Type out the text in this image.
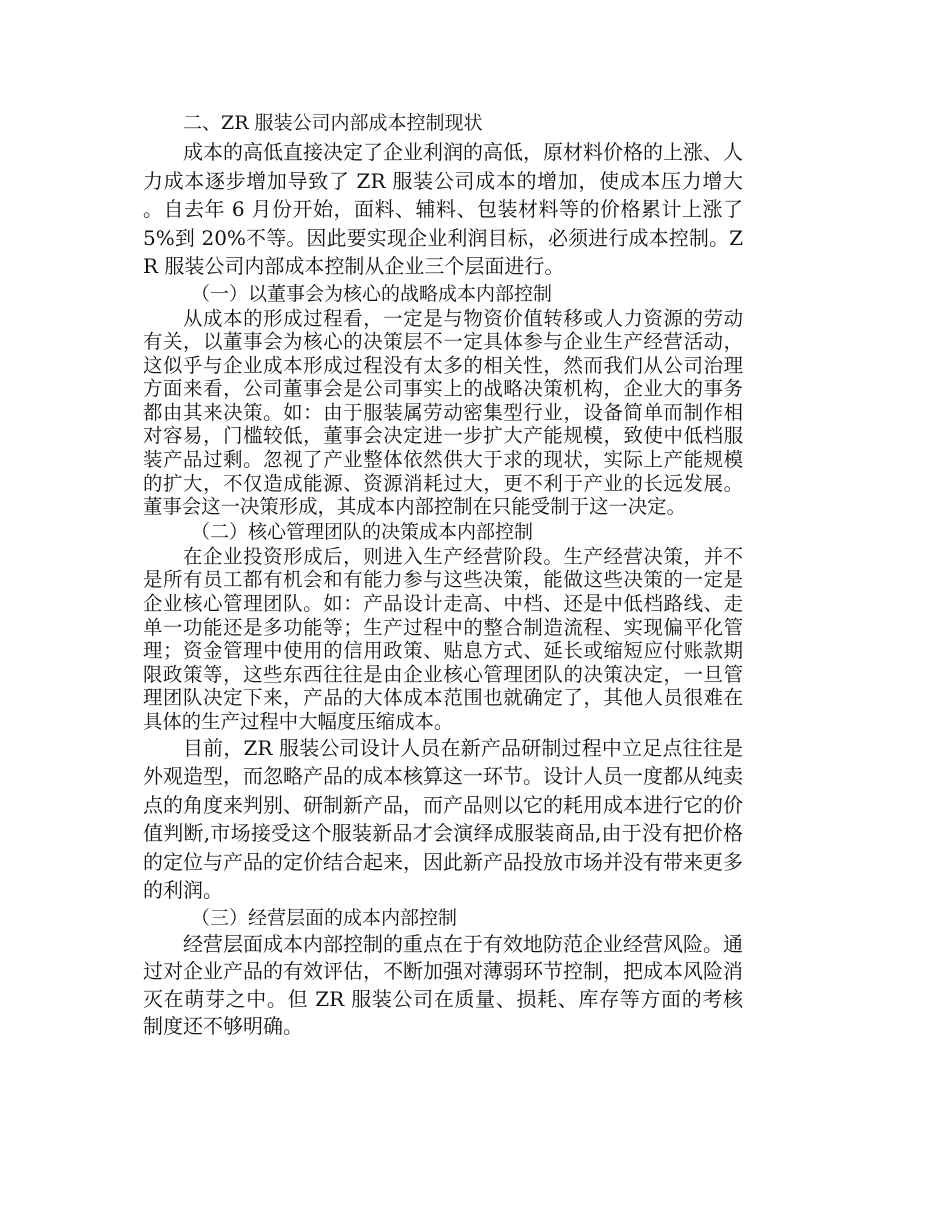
二、ZR 服装公司内部成本控制现状

成本的高低直接决定了企业利润的高低，原材料价格的上涨、人力成本逐步增加导致了 ZR 服装公司成本的增加，使成本压力增大。自去年 6 月份开始，面料、辅料、包装材料等的价格累计上涨了 5%到 20%不等。因此要实现企业利润目标，必须进行成本控制。ZR 服装公司内部成本控制从企业三个层面进行。

（一）以董事会为核心的战略成本内部控制

从成本的形成过程看，一定是与物资价值转移或人力资源的劳动有关，以董事会为核心的决策层不一定具体参与企业生产经营活动，这似乎与企业成本形成过程没有太多的相关性，然而我们从公司治理方面来看，公司董事会是公司事实上的战略决策机构，企业大的事务都由其来决策。如：由于服装属劳动密集型行业，设备简单而制作相对容易，门槛较低，董事会决定进一步扩大产能规模，致使中低档服装产品过剩。忽视了产业整体依然供大于求的现状，实际上产能规模的扩大，不仅造成能源、资源消耗过大，更不利于产业的长远发展。董事会这一决策形成，其成本内部控制在只能受制于这一决定。

（二）核心管理团队的决策成本内部控制

在企业投资形成后，则进入生产经营阶段。生产经营决策，并不是所有员工都有机会和有能力参与这些决策，能做这些决策的一定是企业核心管理团队。如：产品设计走高、中档、还是中低档路线、走单一功能还是多功能等；生产过程中的整合制造流程、实现偏平化管理；资金管理中使用的信用政策、贴息方式、延长或缩短应付账款期限政策等，这些东西往往是由企业核心管理团队的决策决定，一旦管理团队决定下来，产品的大体成本范围也就确定了，其他人员很难在具体的生产过程中大幅度压缩成本。

目前，ZR 服装公司设计人员在新产品研制过程中立足点往往是外观造型，而忽略产品的成本核算这一环节。设计人员一度都从纯卖点的角度来判别、研制新产品，而产品则以它的耗用成本进行它的价值判断,市场接受这个服装新品才会演绎成服装商品,由于没有把价格的定位与产品的定价结合起来，因此新产品投放市场并没有带来更多的利润。

（三）经营层面的成本内部控制

经营层面成本内部控制的重点在于有效地防范企业经营风险。通过对企业产品的有效评估，不断加强对薄弱环节控制，把成本风险消灭在萌芽之中。但 ZR 服装公司在质量、损耗、库存等方面的考核制度还不够明确。
